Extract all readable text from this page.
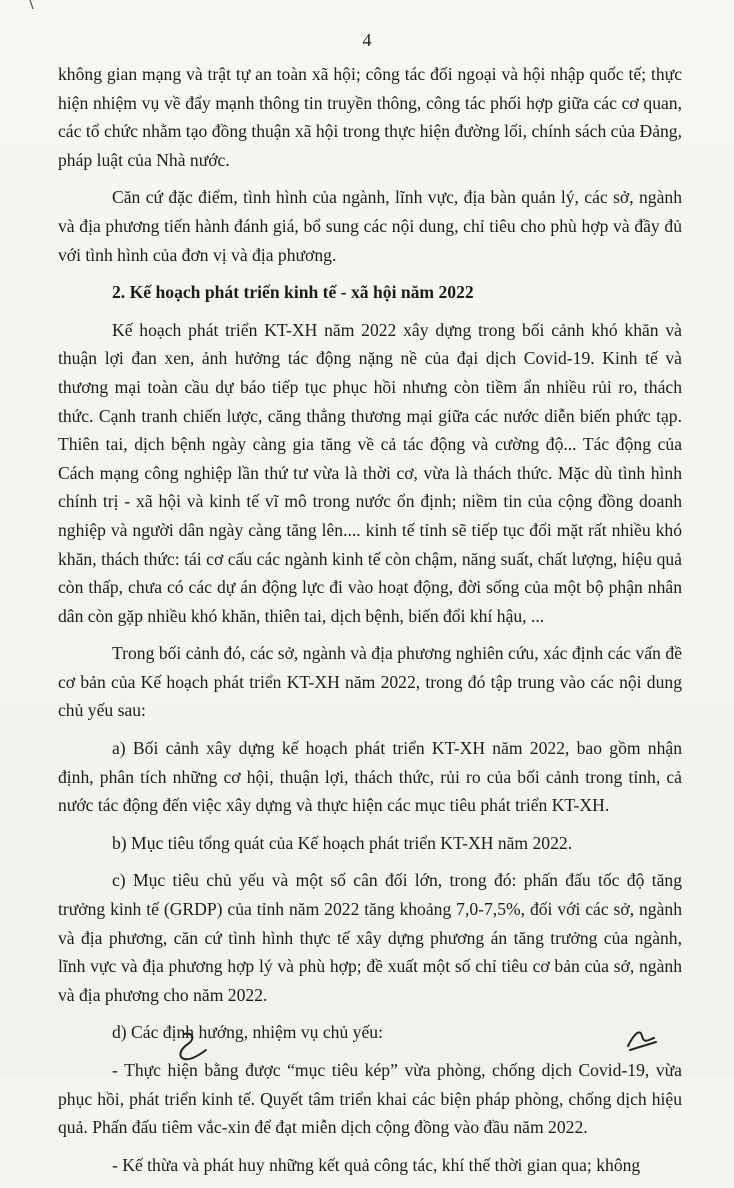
4

không gian mạng và trật tự an toàn xã hội; công tác đối ngoại và hội nhập quốc tế; thực hiện nhiệm vụ về đẩy mạnh thông tin truyền thông, công tác phối hợp giữa các cơ quan, các tổ chức nhằm tạo đồng thuận xã hội trong thực hiện đường lối, chính sách của Đảng, pháp luật của Nhà nước.

Căn cứ đặc điểm, tình hình của ngành, lĩnh vực, địa bàn quản lý, các sở, ngành và địa phương tiến hành đánh giá, bổ sung các nội dung, chỉ tiêu cho phù hợp và đầy đủ với tình hình của đơn vị và địa phương.

2. Kế hoạch phát triển kinh tế - xã hội năm 2022

Kế hoạch phát triển KT-XH năm 2022 xây dựng trong bối cảnh khó khăn và thuận lợi đan xen, ảnh hưởng tác động nặng nề của đại dịch Covid-19. Kinh tế và thương mại toàn cầu dự báo tiếp tục phục hồi nhưng còn tiềm ẩn nhiều rủi ro, thách thức. Cạnh tranh chiến lược, căng thẳng thương mại giữa các nước diễn biến phức tạp. Thiên tai, dịch bệnh ngày càng gia tăng về cả tác động và cường độ... Tác động của Cách mạng công nghiệp lần thứ tư vừa là thời cơ, vừa là thách thức. Mặc dù tình hình chính trị - xã hội và kinh tế vĩ mô trong nước ổn định; niềm tin của cộng đồng doanh nghiệp và người dân ngày càng tăng lên.... kinh tế tỉnh sẽ tiếp tục đối mặt rất nhiều khó khăn, thách thức: tái cơ cấu các ngành kinh tế còn chậm, năng suất, chất lượng, hiệu quả còn thấp, chưa có các dự án động lực đi vào hoạt động, đời sống của một bộ phận nhân dân còn gặp nhiều khó khăn, thiên tai, dịch bệnh, biến đổi khí hậu, ...

Trong bối cảnh đó, các sở, ngành và địa phương nghiên cứu, xác định các vấn đề cơ bản của Kế hoạch phát triển KT-XH năm 2022, trong đó tập trung vào các nội dung chủ yếu sau:

a) Bối cảnh xây dựng kế hoạch phát triển KT-XH năm 2022, bao gồm nhận định, phân tích những cơ hội, thuận lợi, thách thức, rủi ro của bối cảnh trong tỉnh, cả nước tác động đến việc xây dựng và thực hiện các mục tiêu phát triển KT-XH.

b) Mục tiêu tổng quát của Kế hoạch phát triển KT-XH năm 2022.

c) Mục tiêu chủ yếu và một số cân đối lớn, trong đó: phấn đấu tốc độ tăng trưởng kinh tế (GRDP) của tỉnh năm 2022 tăng khoảng 7,0-7,5%, đối với các sở, ngành và địa phương, căn cứ tình hình thực tế xây dựng phương án tăng trưởng của ngành, lĩnh vực và địa phương hợp lý và phù hợp; đề xuất một số chỉ tiêu cơ bản của sở, ngành và địa phương cho năm 2022.

d) Các định hướng, nhiệm vụ chủ yếu:

- Thực hiện bằng được “mục tiêu kép” vừa phòng, chống dịch Covid-19, vừa phục hồi, phát triển kinh tế. Quyết tâm triển khai các biện pháp phòng, chống dịch hiệu quả. Phấn đấu tiêm vắc-xin để đạt miễn dịch cộng đồng vào đầu năm 2022.

- Kế thừa và phát huy những kết quả công tác, khí thế thời gian qua; không
